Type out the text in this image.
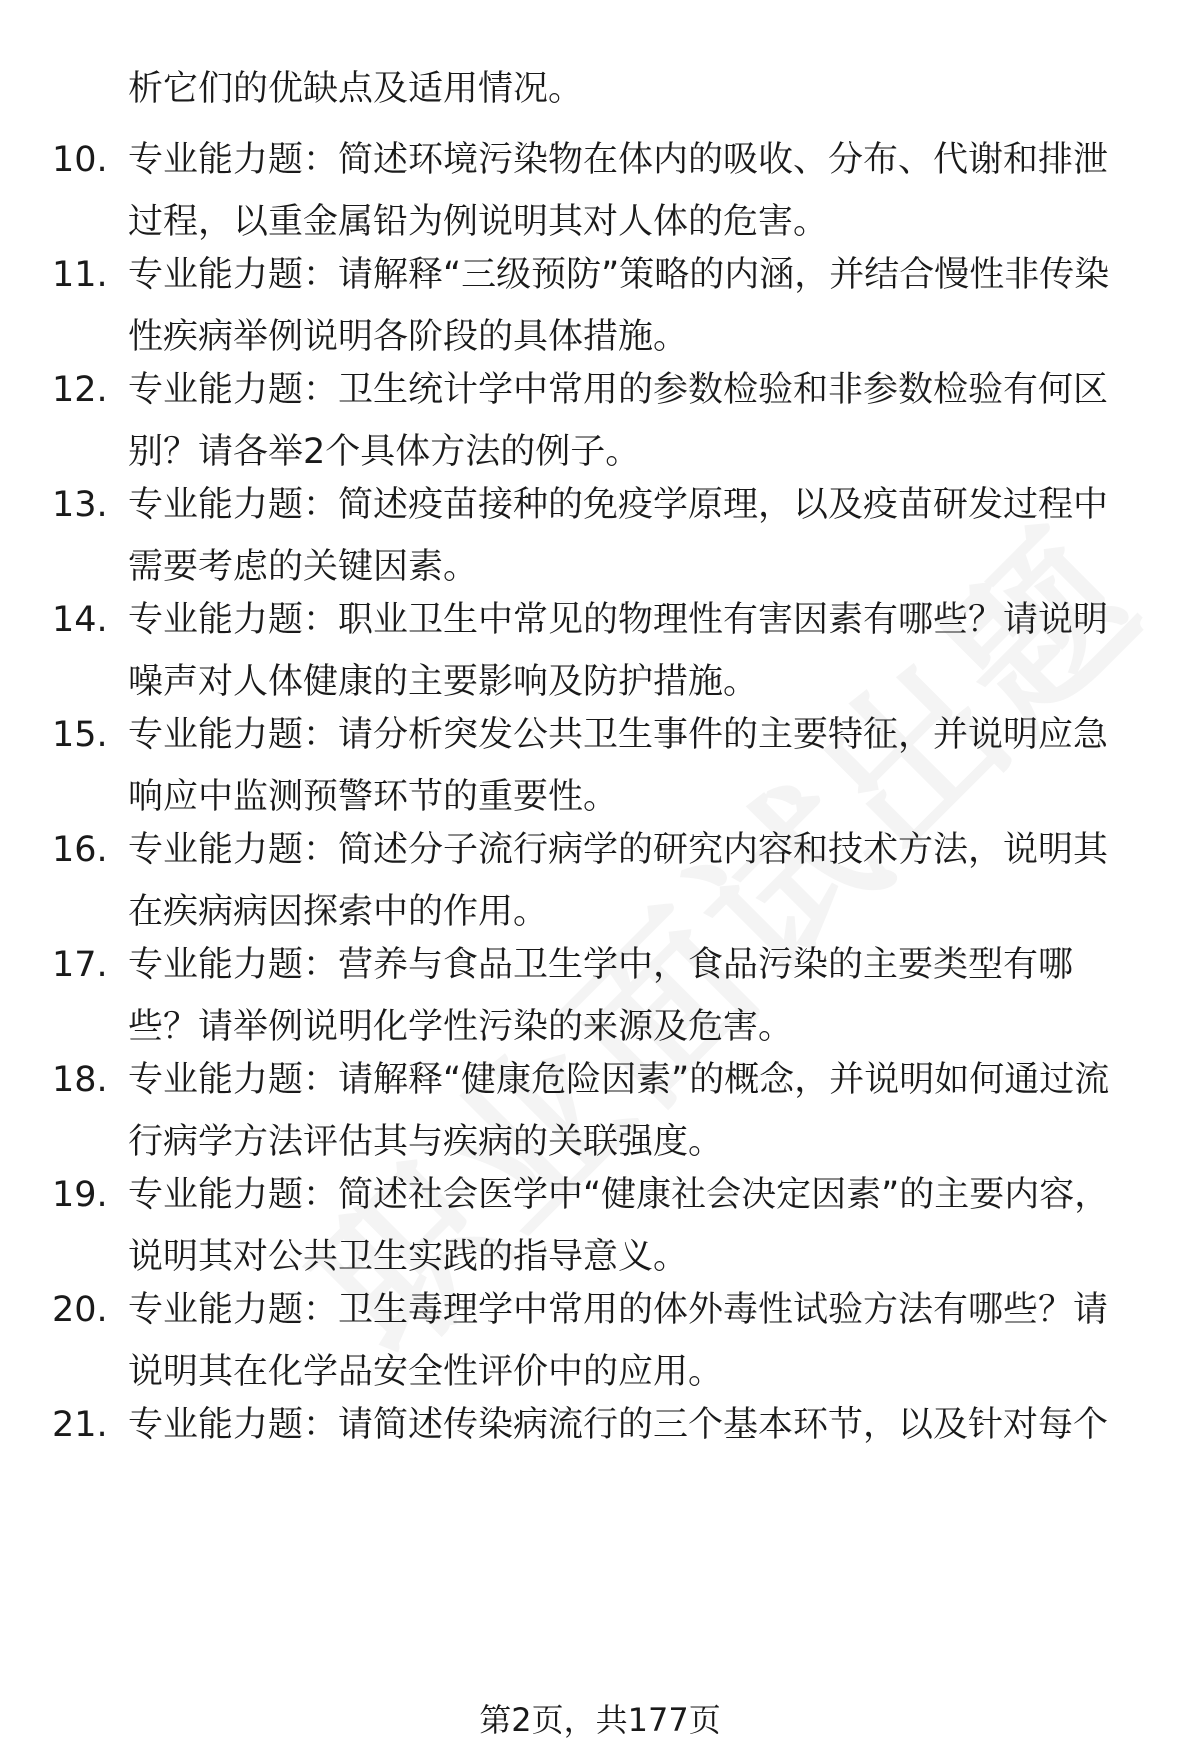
析它们的优缺点及适用情况。
10. 专业能力题：简述环境污染物在体内的吸收、分布、代谢和排泄过程，以重金属铅为例说明其对人体的危害。
11. 专业能力题：请解释“三级预防”策略的内涵，并结合慢性非传染性疾病举例说明各阶段的具体措施。
12. 专业能力题：卫生统计学中常用的参数检验和非参数检验有何区别？请各举2个具体方法的例子。
13. 专业能力题：简述疫苗接种的免疫学原理，以及疫苗研发过程中需要考虑的关键因素。
14. 专业能力题：职业卫生中常见的物理性有害因素有哪些？请说明噪声对人体健康的主要影响及防护措施。
15. 专业能力题：请分析突发公共卫生事件的主要特征，并说明应急响应中监测预警环节的重要性。
16. 专业能力题：简述分子流行病学的研究内容和技术方法，说明其在疾病病因探索中的作用。
17. 专业能力题：营养与食品卫生学中，食品污染的主要类型有哪些？请举例说明化学性污染的来源及危害。
18. 专业能力题：请解释“健康危险因素”的概念，并说明如何通过流行病学方法评估其与疾病的关联强度。
19. 专业能力题：简述社会医学中“健康社会决定因素”的主要内容，说明其对公共卫生实践的指导意义。
20. 专业能力题：卫生毒理学中常用的体外毒性试验方法有哪些？请说明其在化学品安全性评价中的应用。
21. 专业能力题：请简述传染病流行的三个基本环节，以及针对每个
第2页，共177页
